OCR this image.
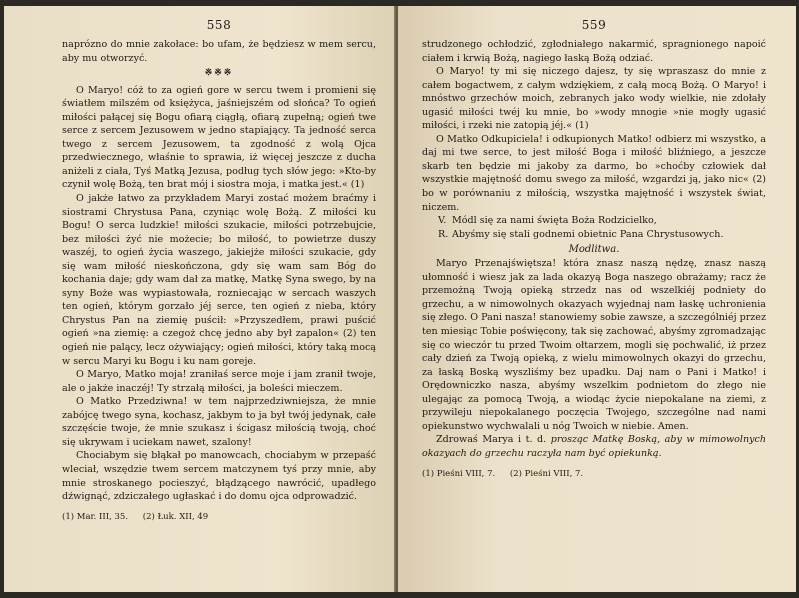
558

naprózno do mnie zakołace: bo ufam, że będziesz w mem sercu, aby mu otworzyć.

※※※

O Maryo! cóż to za ogień gore w sercu twem i promieni się światłem milszém od księżyca, jaśniejszém od słońca? To ogień miłości pałącej się Bogu ofiarą ciągłą, ofiarą zupełną; ogień twe serce z sercem Jezusowem w jedno stapiający. Ta jedność serca twego z sercem Jezusowem, ta zgodność z wolą Ojca przedwiecznego, właśnie to sprawia, iż więcej jeszcze z ducha aniżeli z ciała, Tyś Matką Jezusa, podług tych słów jego: »Kto-by czynił wolę Bożą, ten brat mój i siostra moja, i matka jest.« (1)

O jakże łatwo za przykładem Maryi zostać możem braćmy i siostrami Chrystusa Pana, czyniąc wolę Bożą. Z miłości ku Bogu! O serca ludzkie! miłości szukacie, miłości potrzebujcie, bez miłości żyć nie możecie; bo miłość, to powietrze duszy waszéj, to ogień życia waszego, jakiejże miłości szukacie, gdy się wam miłość nieskończona, gdy się wam sam Bóg do kochania daje; gdy wam dał za matkę, Matkę Syna swego, by na syny Boże was wypiastowała, rozniecając w sercach waszych ten ogień, którym gorzało jéj serce, ten ogień z nieba, który Chrystus Pan na ziemię puścił: »Przyszedłem, prawi puścić ogień »na ziemię: a czegoż chcę jedno aby był zapalon« (2) ten ogień nie palący, lecz ożywiający; ogień miłości, który taką mocą w sercu Maryi ku Bogu i ku nam goreje.

O Maryo, Matko moja! zraniłaś serce moje i jam zranił twoje, ale o jakże inaczéj! Ty strzałą miłości, ja boleści mieczem.

O Matko Przedziwna! w tem najprzedziwniejsza, że mnie zabójcę twego syna, kochasz, jakbym to ja był twój jedynak, całe szczęście twoje, że mnie szukasz i ścigasz miłością twoją, choć się ukrywam i uciekam nawet, szalony!

Chociabym się błąkał po manowcach, chociabym w przepaść wleciał, wszędzie twem sercem matczynem tyś przy mnie, aby mnie stroskanego pocieszyć, błądzącego nawrócić, upadłego dźwignąć, zdziczałego ugłaskać i do domu ojca odprowadzić.

(1) Mar. III, 35. (2) Łuk. XII, 49
559

strudzonego ochłodzić, zgłodniałego nakarmić, spragnionego napoić ciałem i krwią Bożą, nagiego łaską Bożą odziać.

O Maryo! ty mi się niczego dajesz, ty się wpraszasz do mnie z całem bogactwem, z całym wdziękiem, z całą mocą Bożą. O Maryo! i mnóstwo grzechów moich, zebranych jako wody wielkie, nie zdołały ugasić miłości twéj ku mnie, bo »wody mnogie »nie mogły ugasić miłości, i rzeki nie zatopią jéj.« (1)

O Matko Odkupiciela! i odkupionych Matko! odbierz mi wszystko, a daj mi twe serce, to jest miłość Boga i miłość bliźniego, a jeszcze skarb ten będzie mi jakoby za darmo, bo »choćby człowiek dał wszystkie majętność domu swego za miłość, wzgardzi ją, jako nic« (2) bo w porównaniu z miłością, wszystka majętność i wszystek świat, niczem.

V. Módl się za nami święta Boża Rodzicielko,

R. Abyśmy się stali godnemi obietnic Pana Chrystusowych.

Modlitwa.

Maryo Przenajświętsza! która znasz naszą nędzę, znasz naszą ułomność i wiesz jak za lada okazyą Boga naszego obrażamy; racz że przemożną Twoją opieką strzedz nas od wszelkiéj podniety do grzechu, a w nimowolnych okazyach wyjednaj nam łaskę uchronienia się złego. O Pani nasza! stanowiemy sobie zawsze, a szczególniéj przez ten miesiąc Tobie poświęcony, tak się zachować, abyśmy zgromadzając się co wieczór tu przed Twoim ołtarzem, mogli się pochwalić, iż przez cały dzień za Twoją opieką, z wielu mimowolnych okazyi do grzechu, za łaską Boską wyszliśmy bez upadku. Daj nam o Pani i Matko! i Orędowniczko nasza, abyśmy wszelkim podnietom do złego nie ulegając za pomocą Twoją, a wiodąc życie niepokalane na ziemi, z przywileju niepokalanego poczęcia Twojego, szczególne nad nami opiekunstwo wychwalali u nóg Twoich w niebie. Amen.

Zdrowaś Marya i t. d. prosząc Matkę Boską, aby w mimowolnych okazyach do grzechu raczyła nam być opiekunką.

(1) Pieśni VIII, 7. (2) Pieśni VIII, 7.
